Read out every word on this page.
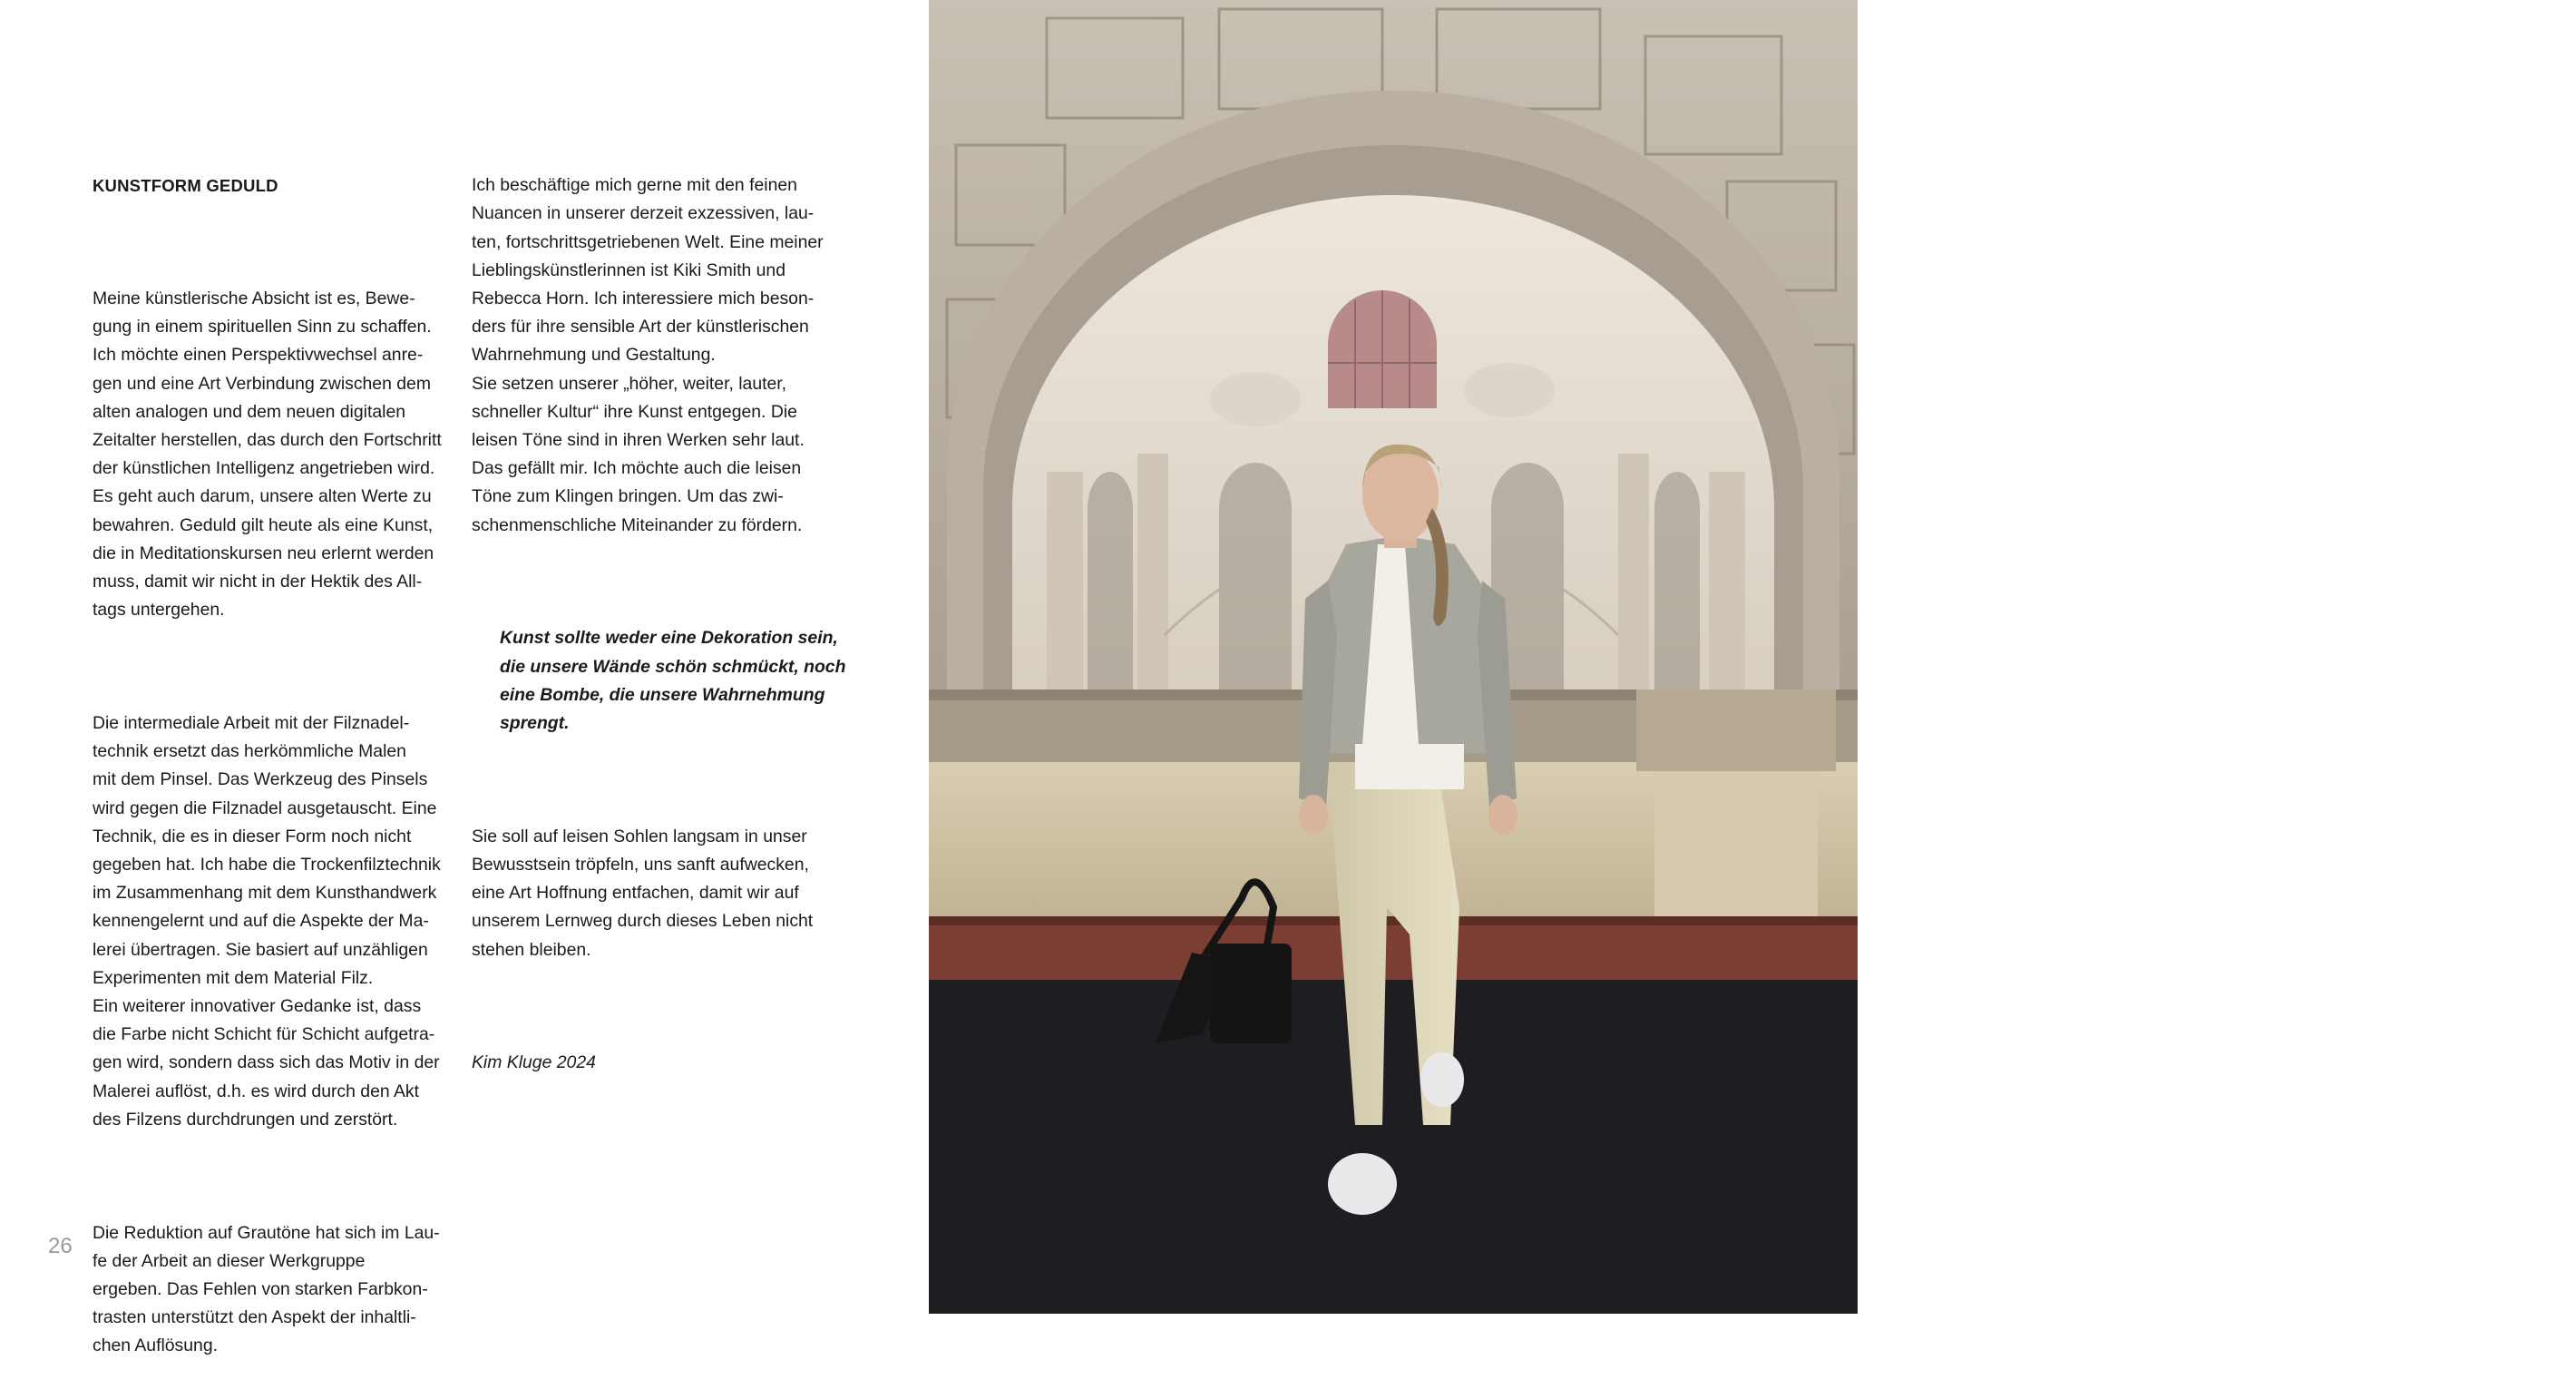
KUNSTFORM GEDULD

Meine künstlerische Absicht ist es, Bewe-
gung in einem spirituellen Sinn zu schaffen.
Ich möchte einen Perspektivwechsel anre-
gen und eine Art Verbindung zwischen dem
alten analogen und dem neuen digitalen
Zeitalter herstellen, das durch den Fortschritt
der künstlichen Intelligenz angetrieben wird.
Es geht auch darum, unsere alten Werte zu
bewahren. Geduld gilt heute als eine Kunst,
die in Meditationskursen neu erlernt werden
muss, damit wir nicht in der Hektik des All-
tags untergehen.

Die intermediale Arbeit mit der Filznadel-
technik ersetzt das herkömmliche Malen
mit dem Pinsel. Das Werkzeug des Pinsels
wird gegen die Filznadel ausgetauscht. Eine
Technik, die es in dieser Form noch nicht
gegeben hat. Ich habe die Trockenfilztechnik
im Zusammenhang mit dem Kunsthandwerk
kennengelernt und auf die Aspekte der Ma-
lerei übertragen. Sie basiert auf unzähligen
Experimenten mit dem Material Filz.
Ein weiterer innovativer Gedanke ist, dass
die Farbe nicht Schicht für Schicht aufgetra-
gen wird, sondern dass sich das Motiv in der
Malerei auflöst, d.h. es wird durch den Akt
des Filzens durchdrungen und zerstört.

Die Reduktion auf Grautöne hat sich im Lau-
fe der Arbeit an dieser Werkgruppe
ergeben. Das Fehlen von starken Farbkon-
trasten unterstützt den Aspekt der inhaltli-
chen Auflösung.

Ich beschäftige mich gerne mit den feinen
Nuancen in unserer derzeit exzessiven, lau-
ten, fortschrittsgetriebenen Welt. Eine meiner
Lieblingskünstlerinnen ist Kiki Smith und
Rebecca Horn. Ich interessiere mich beson-
ders für ihre sensible Art der künstlerischen
Wahrnehmung und Gestaltung.
Sie setzen unserer „höher, weiter, lauter,
schneller Kultur“ ihre Kunst entgegen. Die
leisen Töne sind in ihren Werken sehr laut.
Das gefällt mir. Ich möchte auch die leisen
Töne zum Klingen bringen. Um das zwi-
schenmenschliche Miteinander zu fördern.

Kunst sollte weder eine Dekoration sein,
die unsere Wände schön schmückt, noch
eine Bombe, die unsere Wahrnehmung
sprengt.

Sie soll auf leisen Sohlen langsam in unser
Bewusstsein tröpfeln, uns sanft aufwecken,
eine Art Hoffnung entfachen, damit wir auf
unserem Lernweg durch dieses Leben nicht
stehen bleiben.

Kim Kluge 2024

26
Kim Kluge
Besuch in ihrer Heimatstadt
im Rathaus Hannover
2024
